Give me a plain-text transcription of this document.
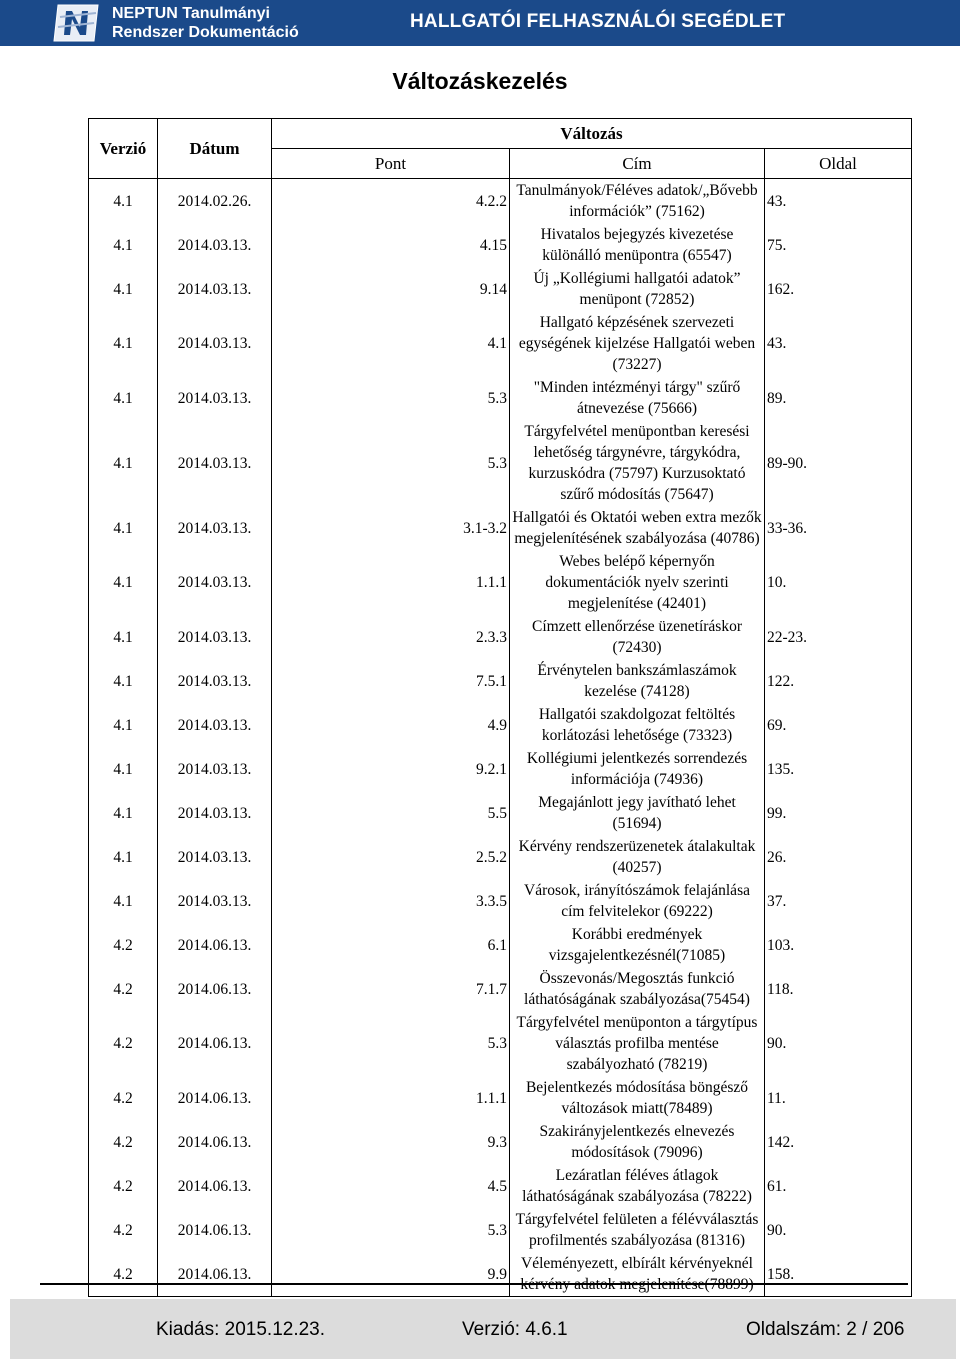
NEPTUN Tanulmányi
Rendszer Dokumentáció
HALLGATÓI FELHASZNÁLÓI SEGÉDLET
Változáskezelés
Verzió	Dátum	Változás		
		Pont	Cím	Oldal
4.1	2014.02.26.	4.2.2	Tanulmányok/Féléves adatok/„Bővebb információk” (75162)	43.
4.1	2014.03.13.	4.15	Hivatalos bejegyzés kivezetése különálló menüpontra (65547)	75.
4.1	2014.03.13.	9.14	Új „Kollégiumi hallgatói adatok” menüpont (72852)	162.
4.1	2014.03.13.	4.1	Hallgató képzésének szervezeti egységének kijelzése Hallgatói weben (73227)	43.
4.1	2014.03.13.	5.3	"Minden intézményi tárgy" szűrő átnevezése (75666)	89.
4.1	2014.03.13.	5.3	Tárgyfelvétel menüpontban keresési lehetőség tárgynévre, tárgykódra, kurzuskódra (75797) Kurzusoktató szűrő módosítás (75647)	89-90.
4.1	2014.03.13.	3.1-3.2	Hallgatói és Oktatói weben extra mezők megjelenítésének szabályozása (40786)	33-36.
4.1	2014.03.13.	1.1.1	Webes belépő képernyőn dokumentációk nyelv szerinti megjelenítése (42401)	10.
4.1	2014.03.13.	2.3.3	Címzett ellenőrzése üzenetíráskor (72430)	22-23.
4.1	2014.03.13.	7.5.1	Érvénytelen bankszámlaszámok kezelése (74128)	122.
4.1	2014.03.13.	4.9	Hallgatói szakdolgozat feltöltés korlátozási lehetősége (73323)	69.
4.1	2014.03.13.	9.2.1	Kollégiumi jelentkezés sorrendezés információja (74936)	135.
4.1	2014.03.13.	5.5	Megajánlott jegy javítható lehet (51694)	99.
4.1	2014.03.13.	2.5.2	Kérvény rendszerüzenetek átalakultak (40257)	26.
4.1	2014.03.13.	3.3.5	Városok, irányítószámok felajánlása cím felvitelekor (69222)	37.
4.2	2014.06.13.	6.1	Korábbi eredmények vizsgajelentkezésnél(71085)	103.
4.2	2014.06.13.	7.1.7	Összevonás/Megosztás funkció láthatóságának szabályozása(75454)	118.
4.2	2014.06.13.	5.3	Tárgyfelvétel menüponton a tárgytípus választás profilba mentése szabályozható (78219)	90.
4.2	2014.06.13.	1.1.1	Bejelentkezés módosítása böngésző változások miatt(78489)	11.
4.2	2014.06.13.	9.3	Szakirányjelentkezés elnevezés módosítások (79096)	142.
4.2	2014.06.13.	4.5	Lezáratlan féléves átlagok láthatóságának szabályozása (78222)	61.
4.2	2014.06.13.	5.3	Tárgyfelvétel felületen a félévválasztás profilmentés szabályozása (81316)	90.
4.2	2014.06.13.	9.9	Véleményezett, elbírált kérvényeknél kérvény adatok megjelenítése(78899)	158.
Kiadás: 2015.12.23.	Verzió: 4.6.1	Oldalszám: 2 / 206
